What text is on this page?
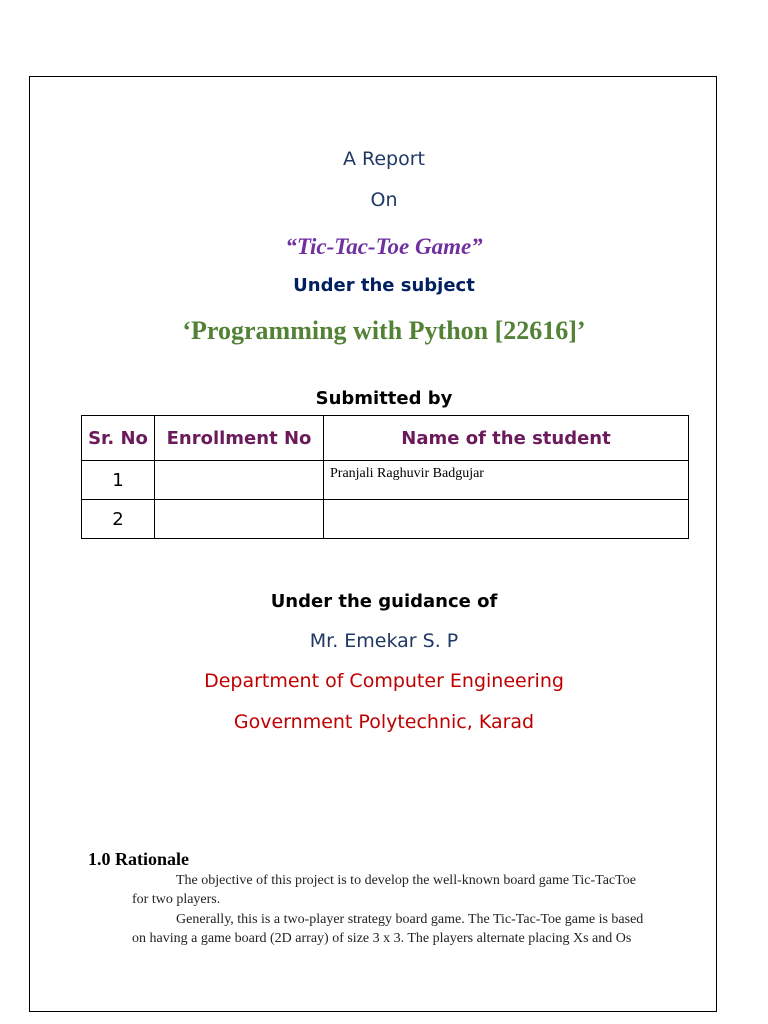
A Report
On
“Tic-Tac-Toe Game”
Under the subject
‘Programming with Python [22616]’
Submitted by
Sr. No	Enrollment No	Name of the student
1		Pranjali Raghuvir Badgujar
2		
Under the guidance of
Mr. Emekar S. P
Department of Computer Engineering
Government Polytechnic, Karad
1.0 Rationale
The objective of this project is to develop the well-known board game Tic-TacToe
for two players.
Generally, this is a two-player strategy board game. The Tic-Tac-Toe game is based
on having a game board (2D array) of size 3 x 3. The players alternate placing Xs and Os
